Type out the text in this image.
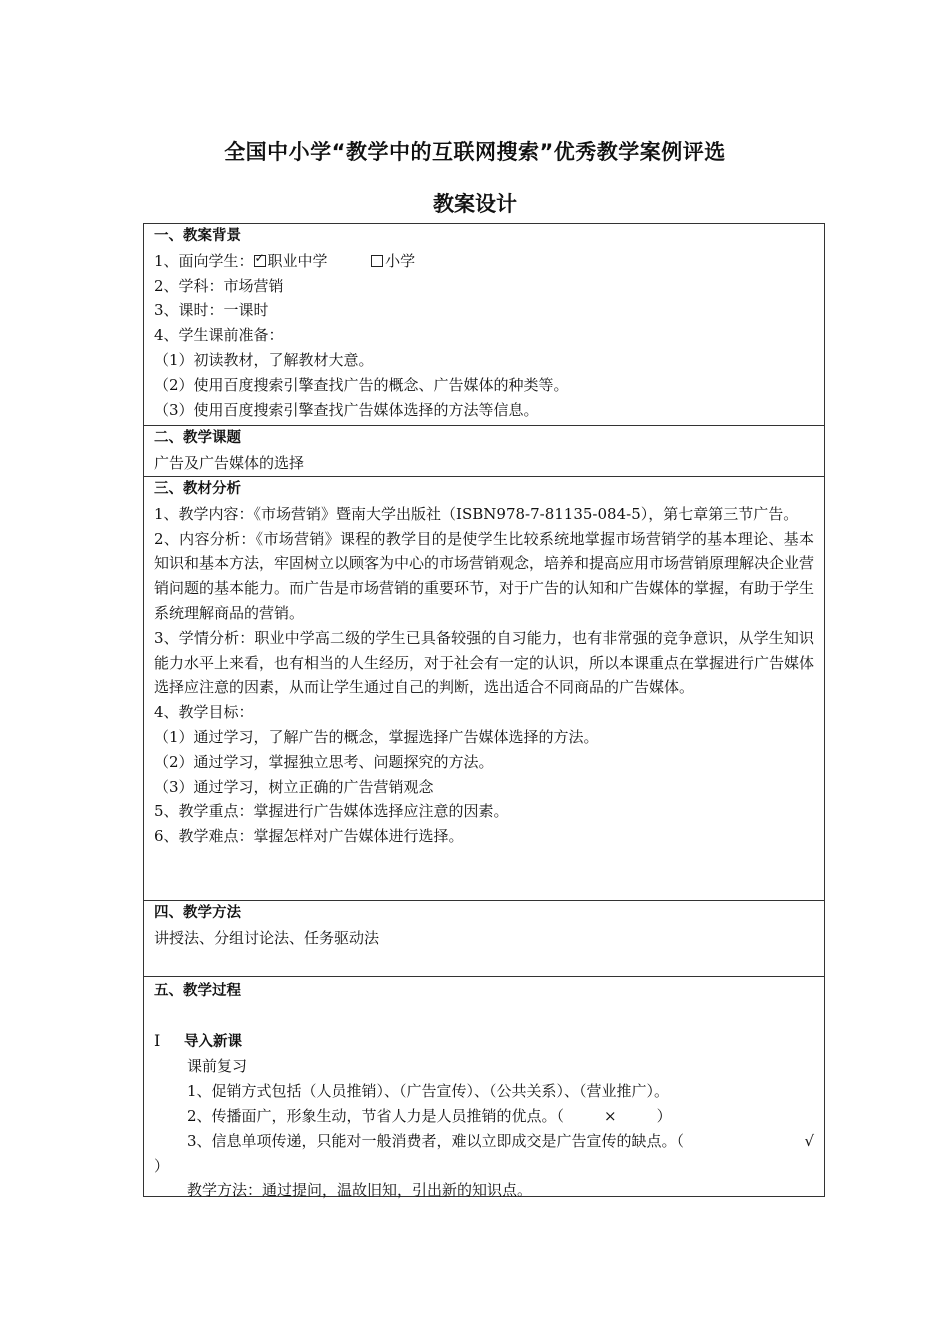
全国中小学“教学中的互联网搜索”优秀教学案例评选
教案设计
一、教案背景
1、面向学生： ✓ 职业中学	小学
2、学科：市场营销
3、课时：一课时
4、学生课前准备：
（1）初读教材，了解教材大意。
（2）使用百度搜索引擎查找广告的概念、广告媒体的种类等。
（3）使用百度搜索引擎查找广告媒体选择的方法等信息。
二、教学课题
广告及广告媒体的选择
三、教材分析
1、教学内容：《市场营销》暨南大学出版社（ISBN978-7-81135-084-5），第七章第三节广告。
2、内容分析：《市场营销》课程的教学目的是使学生比较系统地掌握市场营销学的基本理论、基本知识和基本方法，牢固树立以顾客为中心的市场营销观念，培养和提高应用市场营销原理解决企业营销问题的基本能力。而广告是市场营销的重要环节，对于广告的认知和广告媒体的掌握，有助于学生系统理解商品的营销。
3、学情分析：职业中学高二级的学生已具备较强的自习能力，也有非常强的竞争意识，从学生知识能力水平上来看，也有相当的人生经历，对于社会有一定的认识，所以本课重点在掌握进行广告媒体选择应注意的因素，从而让学生通过自己的判断，选出适合不同商品的广告媒体。
4、教学目标：
（1）通过学习，了解广告的概念，掌握选择广告媒体选择的方法。
（2）通过学习，掌握独立思考、问题探究的方法。
（3）通过学习，树立正确的广告营销观念
5、教学重点：掌握进行广告媒体选择应注意的因素。
6、教学难点：掌握怎样对广告媒体进行选择。
四、教学方法
讲授法、分组讨论法、任务驱动法
五、教学过程
Ⅰ 导入新课
课前复习
1、促销方式包括（人员推销）、（广告宣传）、（公共关系）、（营业推广）。
2、传播面广，形象生动，节省人力是人员推销的优点。（	×	）
3、信息单项传递，只能对一般消费者，难以立即成交是广告宣传的缺点。（	√
）
教学方法：通过提问，温故旧知，引出新的知识点。
